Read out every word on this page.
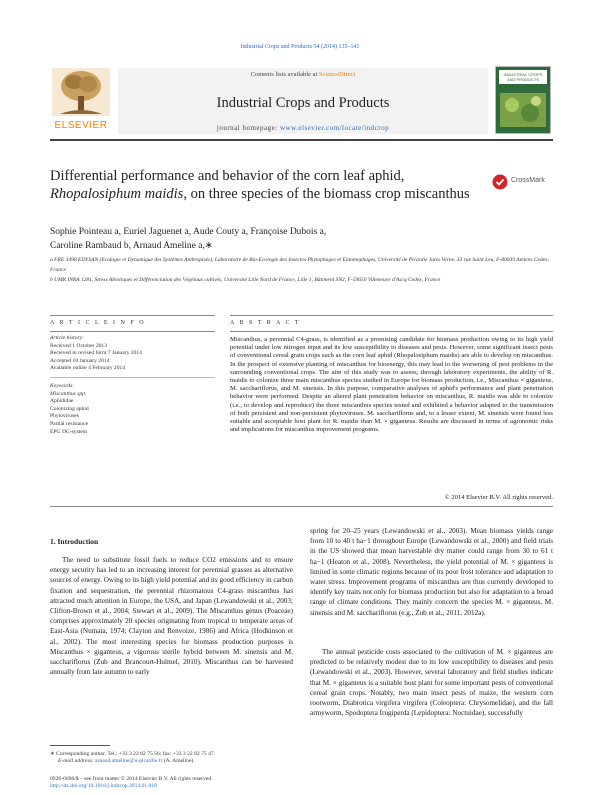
Industrial Crops and Products 54 (2014) 135–141
ELSEVIER
Contents lists available at ScienceDirect
Industrial Crops and Products
journal homepage: www.elsevier.com/locate/indcrop
INDUSTRIAL CROPS AND PRODUCTS
Differential performance and behavior of the corn leaf aphid,
Rhopalosiphum maidis, on three species of the biomass crop miscanthus
CrossMark
Sophie Pointeau a, Euriel Jaguenet a, Aude Couty a, Françoise Dubois a,
Caroline Rambaud b, Arnaud Ameline a,∗
a FRE 3498 EDYSAN (Ecologie et Dynamique des Systèmes Anthropisés), Laboratoire de Bio-Ecologie des Insectes Phytophages et Entomophages, Université de Picardie Jules Verne, 33 rue Saint Leu, F-80039 Amiens Cedex, France
b UMR INRA 1281, Stress Abiotiques et Différenciation des Végétaux cultivés, Université Lille Nord de France, Lille 1, Bâtiment SN2, F-59650 Villeneuve d'Ascq Cedex, France
A R T I C L E I N F O	A B S T R A C T
Article history:
Received 1 October 2013
Received in revised form 7 January 2014
Accepted 10 January 2014
Available online 4 February 2014
Keywords:
Miscanthus spp.
Aphididae
Colonizing aphid
Phytoviruses
Partial resistance
EPG DC-system
Miscanthus, a perennial C4-grass, is identified as a promising candidate for biomass production owing to its high yield potential under low nitrogen input and its low susceptibility to diseases and pests. However, some significant insect pests of conventional cereal grain crops such as the corn leaf aphid (Rhopalosiphum maidis) are able to develop on miscanthus. In the prospect of extensive planting of miscanthus for bioenergy, this may lead to the worsening of pest problems in the surrounding conventional crops. The aim of this study was to assess, through laboratory experiments, the ability of R. maidis to colonize three main miscanthus species studied in Europe for biomass production, i.e., Miscanthus × giganteus, M. sacchariflorus, and M. sinensis. In this purpose, comparative analyses of aphid's performance and plant penetration behavior were performed. Despite an altered plant penetration behavior on miscanthus, R. maidis was able to colonize (i.e., to develop and reproduce) the three miscanthus species tested and exhibited a behavior adapted to the transmission of both persistent and non-persistent phytoviruses. M. sacchariflorus and, to a lesser extent, M. sinensis were found less suitable and acceptable host plant for R. maidis than M. × giganteus. Results are discussed in terms of agronomic risks and implications for miscanthus improvement programs.
© 2014 Elsevier B.V. All rights reserved.
1. Introduction
The need to substitute fossil fuels to reduce CO2 emissions and to ensure energy security has led to an increasing interest for perennial grasses as alternative sources of energy. Owing to its high yield potential and its good efficiency in carbon fixation and sequestration, the perennial rhizomatous C4-grass miscanthus has attracted much attention in Europe, the USA, and Japan (Lewandowski et al., 2003; Clifton-Brown et al., 2004; Stewart et al., 2009). The Miscanthus genus (Poaceae) comprises approximately 20 species originating from tropical to temperate areas of East-Asia (Numata, 1974; Clayton and Renvoize, 1986) and Africa (Hodkinson et al., 2002). The most interesting species for biomass production purposes is Miscanthus × giganteus, a vigorous sterile hybrid between M. sinensis and M. sacchariflorus (Zub and Brancourt-Hulmel, 2010). Miscanthus can be harvested annually from late autumn to early
spring for 20–25 years (Lewandowski et al., 2003). Mean biomass yields range from 10 to 40 t ha−1 throughout Europe (Lewandowski et al., 2000) and field trials in the US showed that mean harvestable dry matter could range from 30 to 61 t ha−1 (Heaton et al., 2008). Nevertheless, the yield potential of M. × giganteus is limited in some climatic regions because of its poor frost tolerance and adaptation to water stress. Improvement programs of miscanthus are thus currently developed to identify key traits not only for biomass production but also for adaptation to a broad range of climate conditions. They mainly concern the species M. × giganteus, M. sinensis and M. sacchariflorus (e.g., Zub et al., 2011, 2012a).
The annual pesticide costs associated to the cultivation of M. × giganteus are predicted to be relatively modest due to its low susceptibility to diseases and pests (Lewandowski et al., 2003). However, several laboratory and field studies indicate that M. × giganteus is a suitable host plant for some important pests of conventional cereal grain crops. Notably, two main insect pests of maize, the western corn rootworm, Diabrotica virgifera virgifera (Coleoptera: Chrysomelidae), and the fall armyworm, Spodoptera frugiperda (Lepidoptera: Noctuidae), successfully
∗ Corresponding author. Tel.: +33 3 22 82 75 56; fax: +33 3 22 82 75 47.
E-mail address: arnaud.ameline@u-picardie.fr (A. Ameline).
0926-6690/$ – see front matter © 2014 Elsevier B.V. All rights reserved.
http://dx.doi.org/10.1016/j.indcrop.2014.01.018
